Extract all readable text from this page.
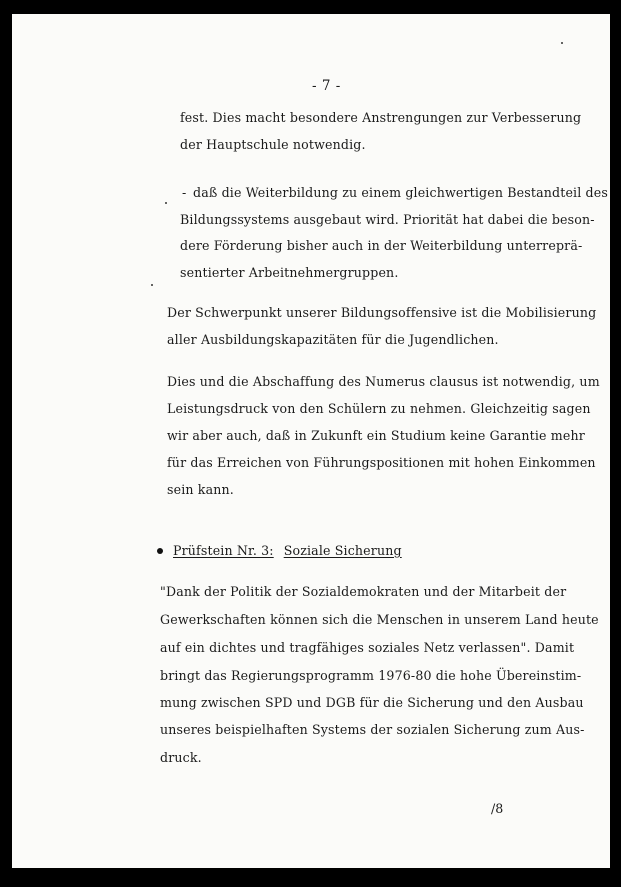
- 7 -
fest. Dies macht besondere Anstrengungen zur Verbesserung
der Hauptschule notwendig.
- daß die Weiterbildung zu einem gleichwertigen Bestandteil des
Bildungssystems ausgebaut wird. Priorität hat dabei die beson-
dere Förderung bisher auch in der Weiterbildung unterreprä-
sentierter Arbeitnehmergruppen.
Der Schwerpunkt unserer Bildungsoffensive ist die Mobilisierung
aller Ausbildungskapazitäten für die Jugendlichen.
Dies und die Abschaffung des Numerus clausus ist notwendig, um
Leistungsdruck von den Schülern zu nehmen. Gleichzeitig sagen
wir aber auch, daß in Zukunft ein Studium keine Garantie mehr
für das Erreichen von Führungspositionen mit hohen Einkommen
sein kann.
Prüfstein Nr. 3: Soziale Sicherung
"Dank der Politik der Sozialdemokraten und der Mitarbeit der
Gewerkschaften können sich die Menschen in unserem Land heute
auf ein dichtes und tragfähiges soziales Netz verlassen". Damit
bringt das Regierungsprogramm 1976-80 die hohe Übereinstim-
mung zwischen SPD und DGB für die Sicherung und den Ausbau
unseres beispielhaften Systems der sozialen Sicherung zum Aus-
druck.
/8
